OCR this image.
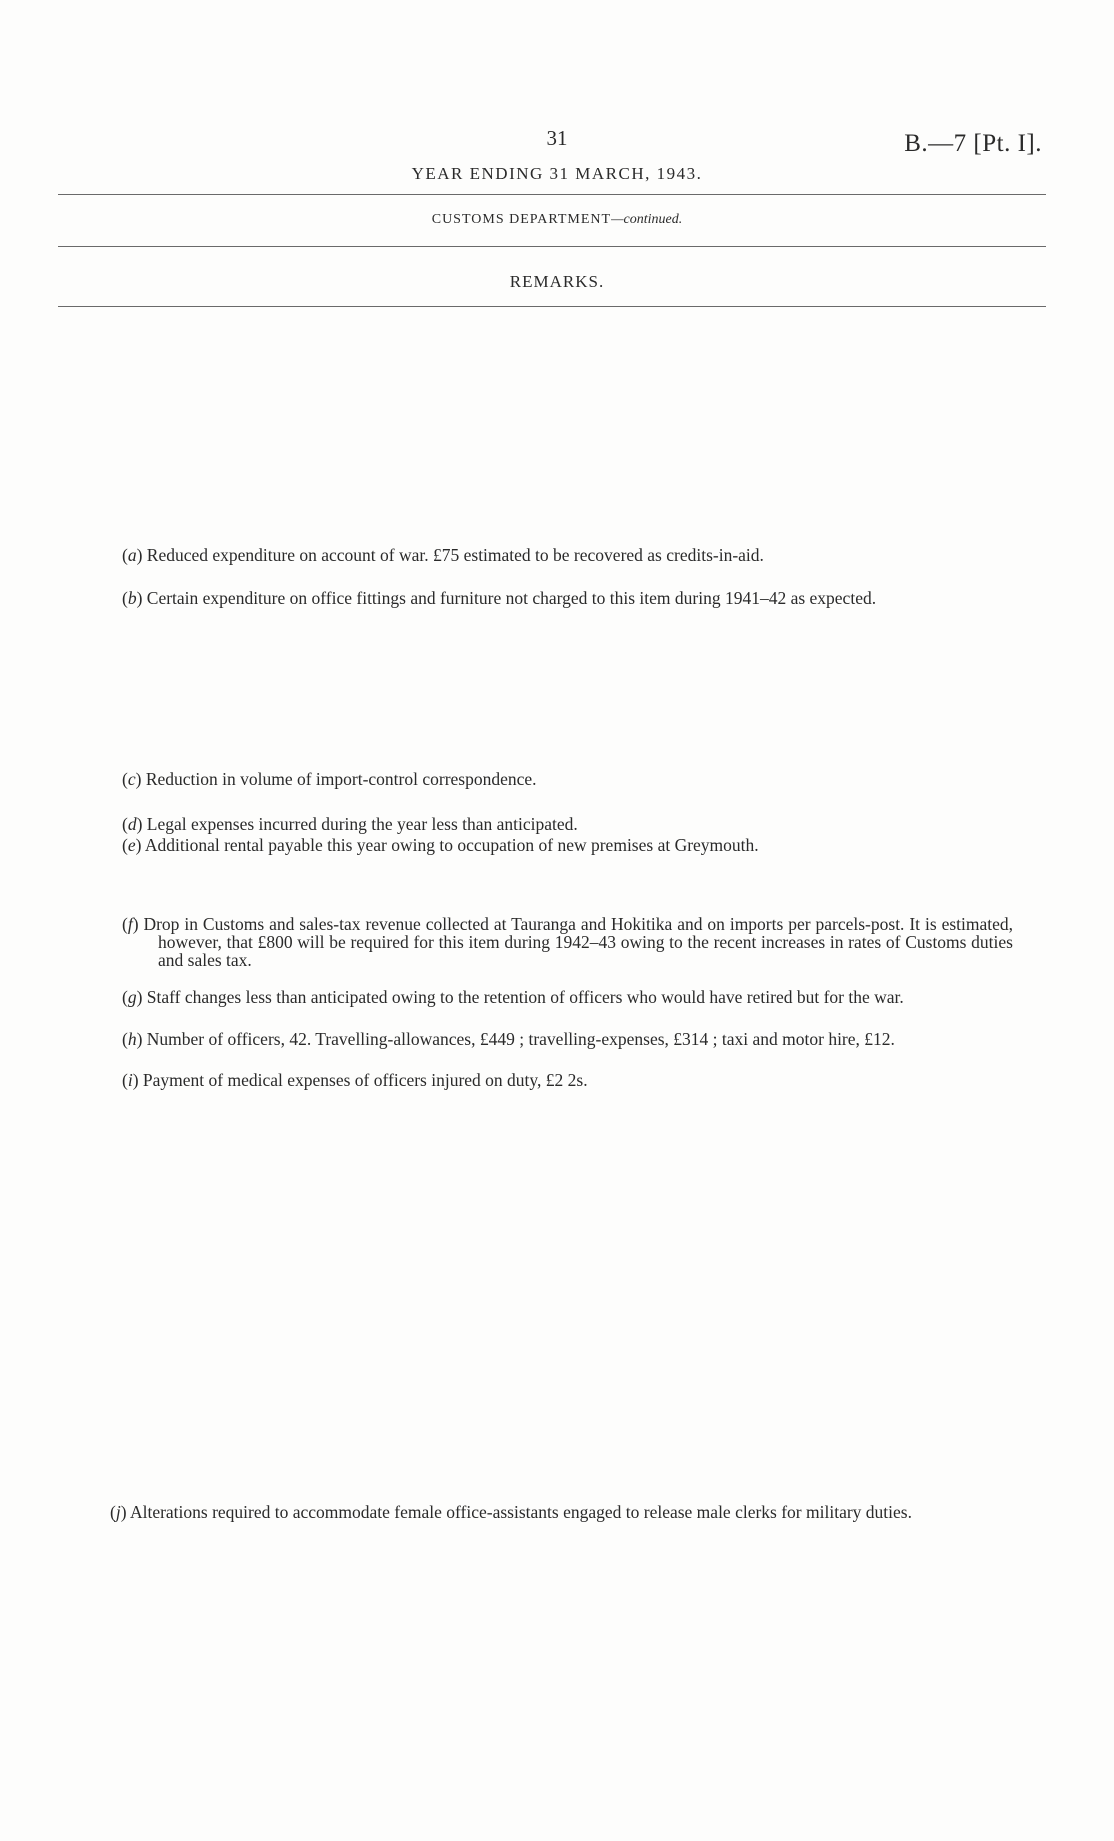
31	B.—7 [Pt. I].
YEAR ENDING 31 MARCH, 1943.
CUSTOMS DEPARTMENT—continued.
REMARKS.
(a) Reduced expenditure on account of war. £75 estimated to be recovered as credits-in-aid.
(b) Certain expenditure on office fittings and furniture not charged to this item during 1941–42 as expected.
(c) Reduction in volume of import-control correspondence.
(d) Legal expenses incurred during the year less than anticipated.
(e) Additional rental payable this year owing to occupation of new premises at Greymouth.
(f) Drop in Customs and sales-tax revenue collected at Tauranga and Hokitika and on imports per parcels-post. It is estimated, however, that £800 will be required for this item during 1942–43 owing to the recent increases in rates of Customs duties and sales tax.
(g) Staff changes less than anticipated owing to the retention of officers who would have retired but for the war.
(h) Number of officers, 42. Travelling-allowances, £449 ; travelling-expenses, £314 ; taxi and motor hire, £12.
(i) Payment of medical expenses of officers injured on duty, £2 2s.
(j) Alterations required to accommodate female office-assistants engaged to release male clerks for military duties.
